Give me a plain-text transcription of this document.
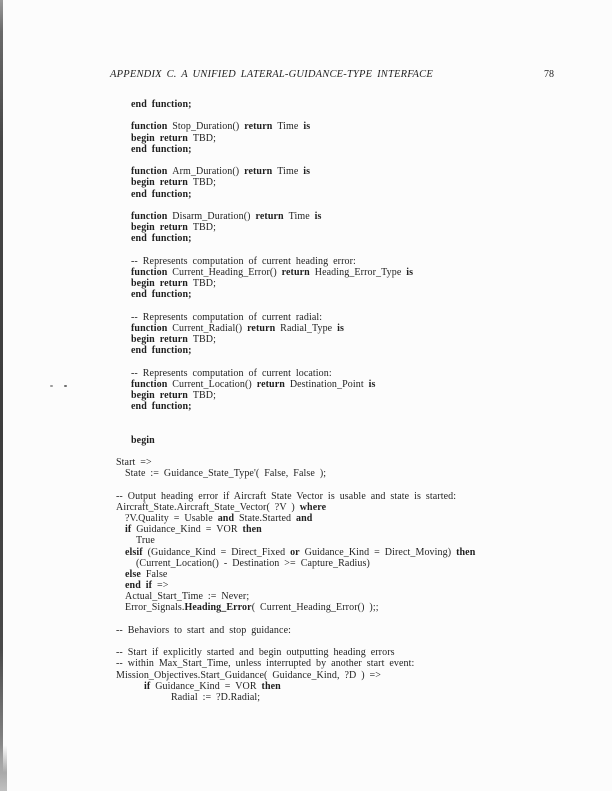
APPENDIX C. A UNIFIED LATERAL-GUIDANCE-TYPE INTERFACE	78
end function;
function Stop_Duration() return Time is
begin return TBD;
end function;
function Arm_Duration() return Time is
begin return TBD;
end function;
function Disarm_Duration() return Time is
begin return TBD;
end function;
-- Represents computation of current heading error:
function Current_Heading_Error() return Heading_Error_Type is
begin return TBD;
end function;
-- Represents computation of current radial:
function Current_Radial() return Radial_Type is
begin return TBD;
end function;
-- Represents computation of current location:
function Current_Location() return Destination_Point is
begin return TBD;
end function;
begin
Start =>
State := Guidance_State_Type'( False, False );
-- Output heading error if Aircraft State Vector is usable and state is started:
Aircraft_State.Aircraft_State_Vector( ?V ) where
?V.Quality = Usable and State.Started and
if Guidance_Kind = VOR then
True
elsif (Guidance_Kind = Direct_Fixed or Guidance_Kind = Direct_Moving) then
(Current_Location() - Destination >= Capture_Radius)
else False
end if =>
Actual_Start_Time := Never;
Error_Signals.Heading_Error( Current_Heading_Error() );;
-- Behaviors to start and stop guidance:
-- Start if explicitly started and begin outputting heading errors
-- within Max_Start_Time, unless interrupted by another start event:
Mission_Objectives.Start_Guidance( Guidance_Kind, ?D ) =>
if Guidance_Kind = VOR then
Radial := ?D.Radial;
